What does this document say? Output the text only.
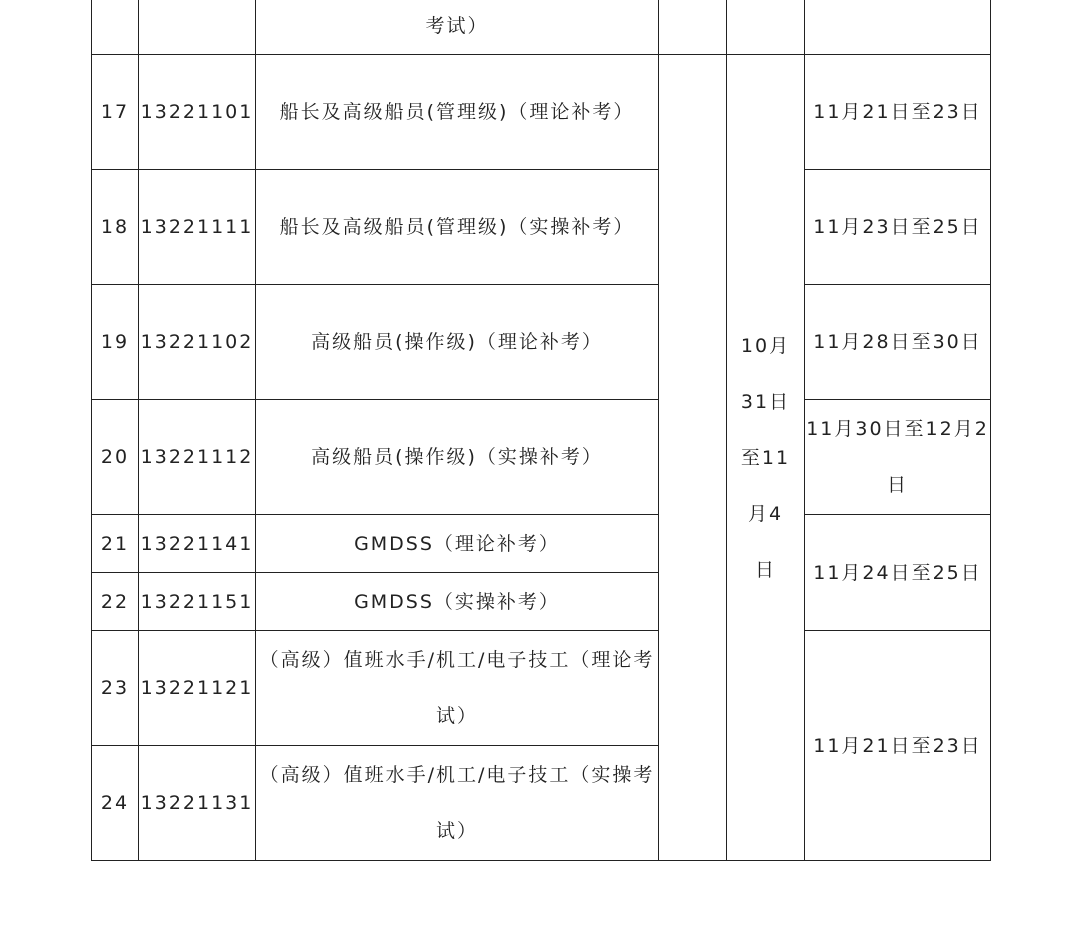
		考试）			
17	13221101	船长及高级船员(管理级)（理论补考）		10月31日至11月4日	11月21日至23日
18	13221111	船长及高级船员(管理级)（实操补考）			11月23日至25日
19	13221102	高级船员(操作级)（理论补考）			11月28日至30日
20	13221112	高级船员(操作级)（实操补考）			11月30日至12月2日
21	13221141	GMDSS（理论补考）			11月24日至25日
22	13221151	GMDSS（实操补考）			
23	13221121	（高级）值班水手/机工/电子技工（理论考试）			11月21日至23日
24	13221131	（高级）值班水手/机工/电子技工（实操考试）			
